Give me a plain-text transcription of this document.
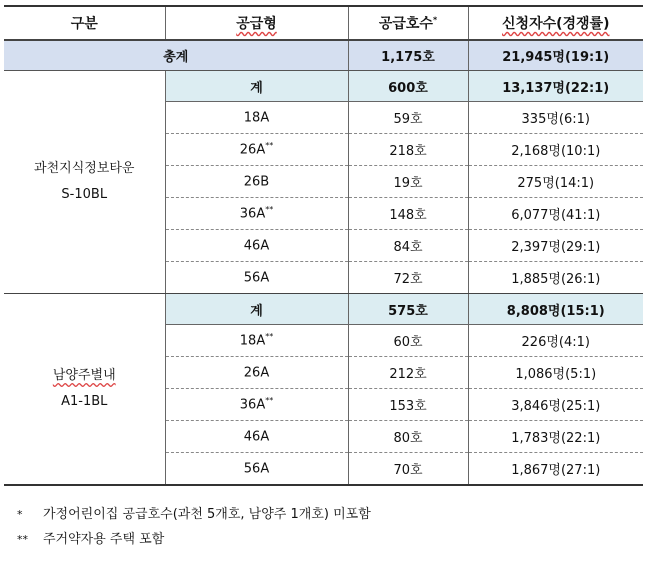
구분	공급형	공급호수*	신청자수(경쟁률)
총계		1,175호	21,945명(19:1)

과천지식정보타운
S-10BL	계	600호	13,137명(22:1)
	18A	59호	335명(6:1)
	26A**	218호	2,168명(10:1)
	26B	19호	275명(14:1)
	36A**	148호	6,077명(41:1)
	46A	84호	2,397명(29:1)
	56A	72호	1,885명(26:1)
남양주별내
A1-1BL	계	575호	8,808명(15:1)
	18A**	60호	226명(4:1)
	26A	212호	1,086명(5:1)
	36A**	153호	3,846명(25:1)
	46A	80호	1,783명(22:1)
	56A	70호	1,867명(27:1)
* 가정어린이집 공급호수(과천 5개호, 남양주 1개호) 미포함
** 주거약자용 주택 포함
